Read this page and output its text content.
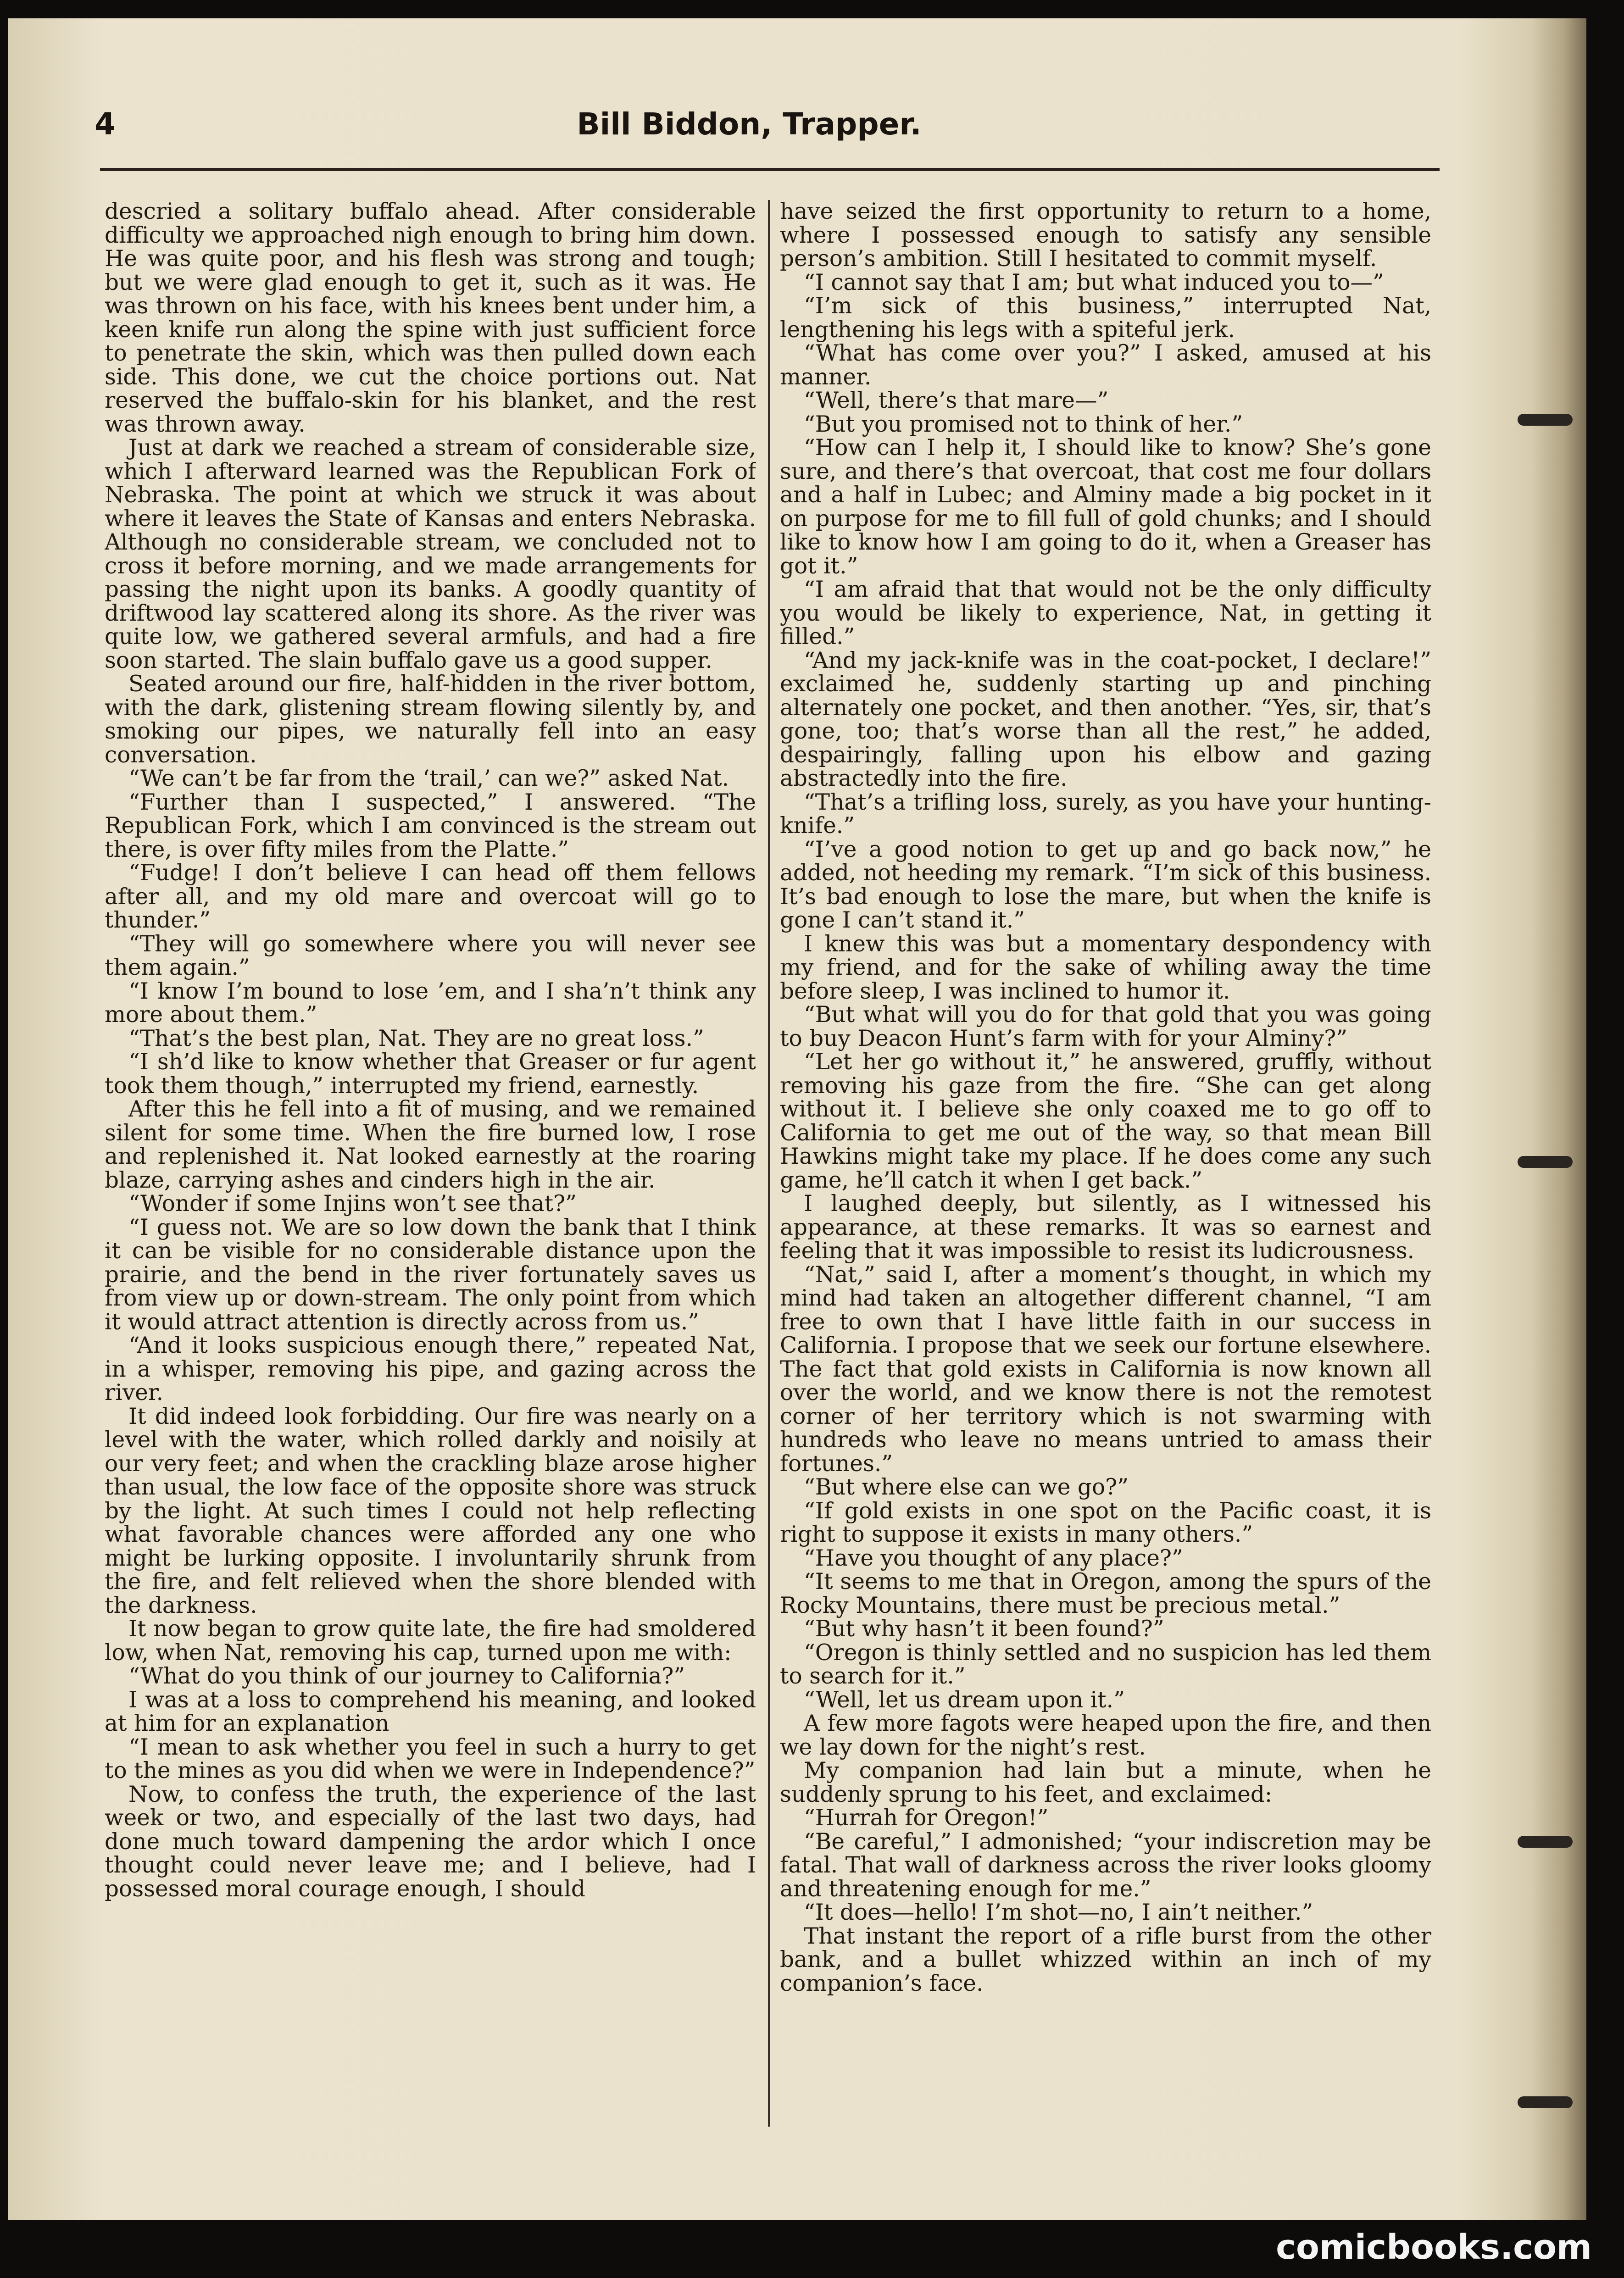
4	Bill Biddon, Trapper.

descried a solitary buffalo ahead. After considerable difficulty we approached nigh enough to bring him down. He was quite poor, and his flesh was strong and tough; but we were glad enough to get it, such as it was. He was thrown on his face, with his knees bent under him, a keen knife run along the spine with just sufficient force to penetrate the skin, which was then pulled down each side. This done, we cut the choice portions out. Nat reserved the buffalo-skin for his blanket, and the rest was thrown away.

Just at dark we reached a stream of considerable size, which I afterward learned was the Republican Fork of Nebraska. The point at which we struck it was about where it leaves the State of Kansas and enters Nebraska. Although no considerable stream, we concluded not to cross it before morning, and we made arrangements for passing the night upon its banks. A goodly quantity of driftwood lay scattered along its shore. As the river was quite low, we gathered several armfuls, and had a fire soon started. The slain buffalo gave us a good supper.

Seated around our fire, half-hidden in the river bottom, with the dark, glistening stream flowing silently by, and smoking our pipes, we naturally fell into an easy conversation.

“We can’t be far from the ‘trail,’ can we?” asked Nat.

“Further than I suspected,” I answered. “The Republican Fork, which I am convinced is the stream out there, is over fifty miles from the Platte.”

“Fudge! I don’t believe I can head off them fellows after all, and my old mare and overcoat will go to thunder.”

“They will go somewhere where you will never see them again.”

“I know I’m bound to lose ’em, and I sha’n’t think any more about them.”

“That’s the best plan, Nat. They are no great loss.”

“I sh’d like to know whether that Greaser or fur agent took them though,” interrupted my friend, earnestly.

After this he fell into a fit of musing, and we remained silent for some time. When the fire burned low, I rose and replenished it. Nat looked earnestly at the roaring blaze, carrying ashes and cinders high in the air.

“Wonder if some Injins won’t see that?”

“I guess not. We are so low down the bank that I think it can be visible for no considerable distance upon the prairie, and the bend in the river fortunately saves us from view up or down-stream. The only point from which it would attract attention is directly across from us.”

“And it looks suspicious enough there,” repeated Nat, in a whisper, removing his pipe, and gazing across the river.

It did indeed look forbidding. Our fire was nearly on a level with the water, which rolled darkly and noisily at our very feet; and when the crackling blaze arose higher than usual, the low face of the opposite shore was struck by the light. At such times I could not help reflecting what favorable chances were afforded any one who might be lurking opposite. I involuntarily shrunk from the fire, and felt relieved when the shore blended with the darkness.

It now began to grow quite late, the fire had smoldered low, when Nat, removing his cap, turned upon me with:

“What do you think of our journey to California?”

I was at a loss to comprehend his meaning, and looked at him for an explanation

“I mean to ask whether you feel in such a hurry to get to the mines as you did when we were in Independence?”

Now, to confess the truth, the experience of the last week or two, and especially of the last two days, had done much toward dampening the ardor which I once thought could never leave me; and I believe, had I possessed moral courage enough, I should

have seized the first opportunity to return to a home, where I possessed enough to satisfy any sensible person’s ambition. Still I hesitated to commit myself.

“I cannot say that I am; but what induced you to—”

“I’m sick of this business,” interrupted Nat, lengthening his legs with a spiteful jerk.

“What has come over you?” I asked, amused at his manner.

“Well, there’s that mare—”

“But you promised not to think of her.”

“How can I help it, I should like to know? She’s gone sure, and there’s that overcoat, that cost me four dollars and a half in Lubec; and Alminy made a big pocket in it on purpose for me to fill full of gold chunks; and I should like to know how I am going to do it, when a Greaser has got it.”

“I am afraid that that would not be the only difficulty you would be likely to experience, Nat, in getting it filled.”

“And my jack-knife was in the coat-pocket, I declare!” exclaimed he, suddenly starting up and pinching alternately one pocket, and then another. “Yes, sir, that’s gone, too; that’s worse than all the rest,” he added, despairingly, falling upon his elbow and gazing abstractedly into the fire.

“That’s a trifling loss, surely, as you have your hunting-knife.”

“I’ve a good notion to get up and go back now,” he added, not heeding my remark. “I’m sick of this business. It’s bad enough to lose the mare, but when the knife is gone I can’t stand it.”

I knew this was but a momentary despondency with my friend, and for the sake of whiling away the time before sleep, I was inclined to humor it.

“But what will you do for that gold that you was going to buy Deacon Hunt’s farm with for your Alminy?”

“Let her go without it,” he answered, gruffly, without removing his gaze from the fire. “She can get along without it. I believe she only coaxed me to go off to California to get me out of the way, so that mean Bill Hawkins might take my place. If he does come any such game, he’ll catch it when I get back.”

I laughed deeply, but silently, as I witnessed his appearance, at these remarks. It was so earnest and feeling that it was impossible to resist its ludicrousness.

“Nat,” said I, after a moment’s thought, in which my mind had taken an altogether different channel, “I am free to own that I have little faith in our success in California. I propose that we seek our fortune elsewhere. The fact that gold exists in California is now known all over the world, and we know there is not the remotest corner of her territory which is not swarming with hundreds who leave no means untried to amass their fortunes.”

“But where else can we go?”

“If gold exists in one spot on the Pacific coast, it is right to suppose it exists in many others.”

“Have you thought of any place?”

“It seems to me that in Oregon, among the spurs of the Rocky Mountains, there must be precious metal.”

“But why hasn’t it been found?”

“Oregon is thinly settled and no suspicion has led them to search for it.”

“Well, let us dream upon it.”

A few more fagots were heaped upon the fire, and then we lay down for the night’s rest.

My companion had lain but a minute, when he suddenly sprung to his feet, and exclaimed:

“Hurrah for Oregon!”

“Be careful,” I admonished; “your indiscretion may be fatal. That wall of darkness across the river looks gloomy and threatening enough for me.”

“It does—hello! I’m shot—no, I ain’t neither.”

That instant the report of a rifle burst from the other bank, and a bullet whizzed within an inch of my companion’s face.

comicbooks.com
